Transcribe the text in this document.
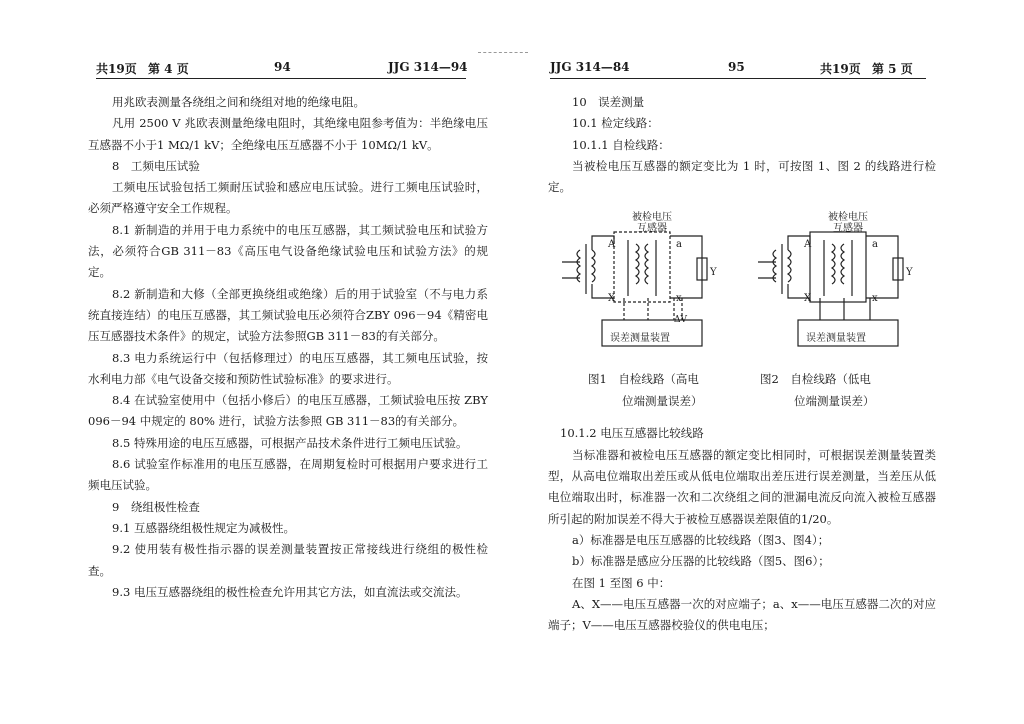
共19页 第 4 页	94	JJG 314—94

用兆欧表测量各绕组之间和绕组对地的绝缘电阻。

凡用 2500 V 兆欧表测量绝缘电阻时，其绝缘电阻参考值为：半绝缘电压互感器不小于1 MΩ/1 kV；全绝缘电压互感器不小于 10MΩ/1 kV。

8　工频电压试验

工频电压试验包括工频耐压试验和感应电压试验。进行工频电压试验时，必须严格遵守安全工作规程。

8.1 新制造的并用于电力系统中的电压互感器，其工频试验电压和试验方法，必须符合GB 311－83《高压电气设备绝缘试验电压和试验方法》的规定。

8.2 新制造和大修（全部更换绕组或绝缘）后的用于试验室（不与电力系统直接连结）的电压互感器，其工频试验电压必须符合ZBY 096－94《精密电压互感器技术条件》的规定，试验方法参照GB 311－83的有关部分。

8.3 电力系统运行中（包括修理过）的电压互感器，其工频电压试验，按水利电力部《电气设备交接和预防性试验标准》的要求进行。

8.4 在试验室使用中（包括小修后）的电压互感器，工频试验电压按 ZBY 096－94 中规定的 80% 进行，试验方法参照 GB 311－83的有关部分。

8.5 特殊用途的电压互感器，可根据产品技术条件进行工频电压试验。

8.6 试验室作标准用的电压互感器，在周期复检时可根据用户要求进行工频电压试验。

9　绕组极性检查

9.1 互感器绕组极性规定为减极性。

9.2 使用装有极性指示器的误差测量装置按正常接线进行绕组的极性检查。

9.3 电压互感器绕组的极性检查允许用其它方法，如直流法或交流法。

JJG 314—84	95	共19页 第 5 页

10　误差测量

10.1 检定线路：

10.1.1 自检线路：

当被检电压互感器的额定变比为 1 时，可按图 1、图 2 的线路进行检定。

被检电压互感器
A
X
a
x
Y
ΔV
误差测量装置
被检电压互感器
A
X
a
x
Y
误差测量装置
图1　自检线路（高电
位端测量误差）
图2　自检线路（低电
位端测量误差）

10.1.2 电压互感器比较线路

当标准器和被检电压互感器的额定变比相同时，可根据误差测量装置类型，从高电位端取出差压或从低电位端取出差压进行误差测量，当差压从低电位端取出时，标准器一次和二次绕组之间的泄漏电流反向流入被检互感器所引起的附加误差不得大于被检互感器误差限值的1/20。

a）标准器是电压互感器的比较线路（图3、图4）；

b）标准器是感应分压器的比较线路（图5、图6）；

在图 1 至图 6 中：

A、X——电压互感器一次的对应端子；a、x——电压互感器二次的对应端子；V——电压互感器校验仪的供电电压；
